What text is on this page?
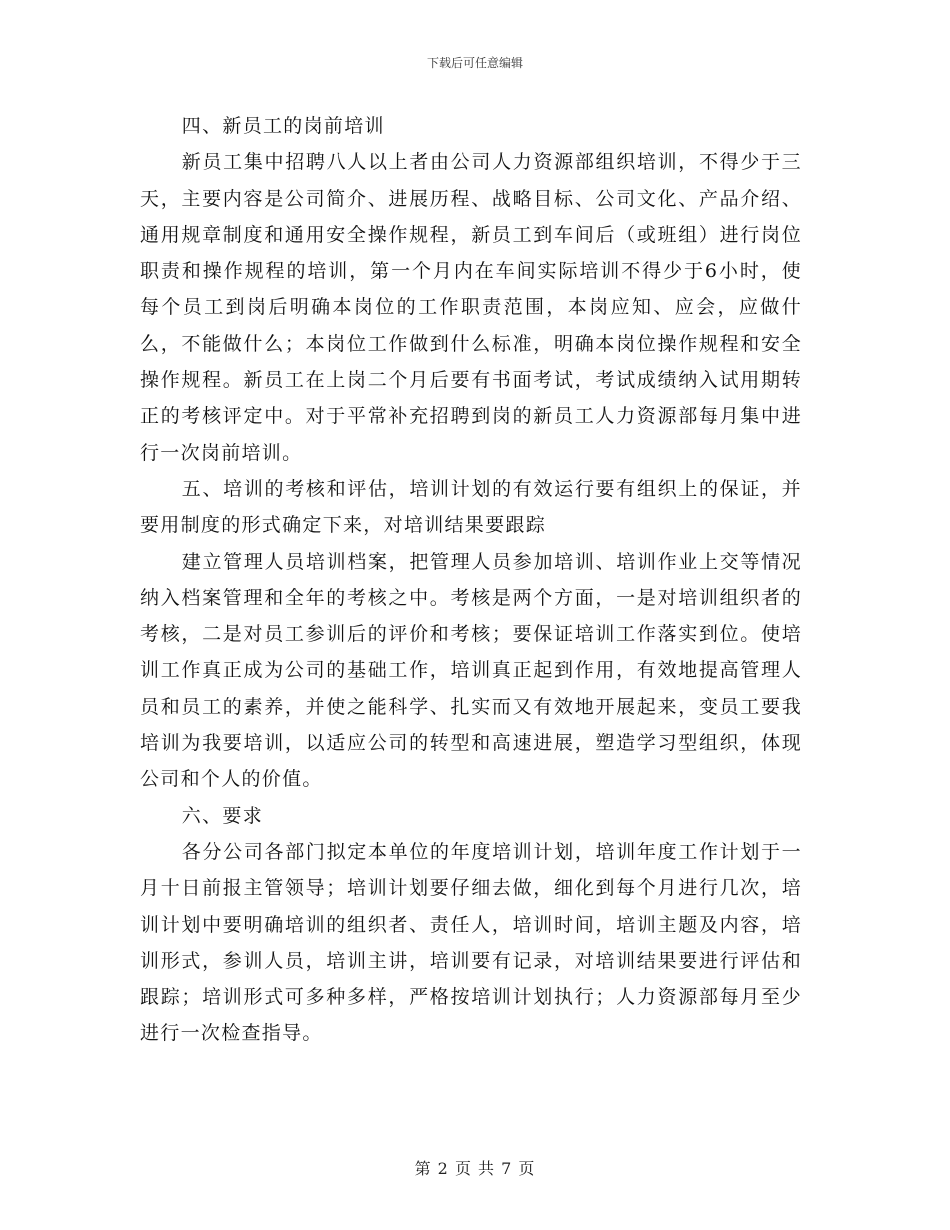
下载后可任意编辑

四、新员工的岗前培训

新员工集中招聘八人以上者由公司人力资源部组织培训，不得少于三天，主要内容是公司简介、进展历程、战略目标、公司文化、产品介绍、通用规章制度和通用安全操作规程，新员工到车间后（或班组）进行岗位职责和操作规程的培训，第一个月内在车间实际培训不得少于6小时，使每个员工到岗后明确本岗位的工作职责范围，本岗应知、应会，应做什么，不能做什么；本岗位工作做到什么标准，明确本岗位操作规程和安全操作规程。新员工在上岗二个月后要有书面考试，考试成绩纳入试用期转正的考核评定中。对于平常补充招聘到岗的新员工人力资源部每月集中进行一次岗前培训。

五、培训的考核和评估，培训计划的有效运行要有组织上的保证，并要用制度的形式确定下来，对培训结果要跟踪

建立管理人员培训档案，把管理人员参加培训、培训作业上交等情况纳入档案管理和全年的考核之中。考核是两个方面，一是对培训组织者的考核，二是对员工参训后的评价和考核；要保证培训工作落实到位。使培训工作真正成为公司的基础工作，培训真正起到作用，有效地提高管理人员和员工的素养，并使之能科学、扎实而又有效地开展起来，变员工要我培训为我要培训，以适应公司的转型和高速进展，塑造学习型组织，体现公司和个人的价值。

六、要求

各分公司各部门拟定本单位的年度培训计划，培训年度工作计划于一月十日前报主管领导；培训计划要仔细去做，细化到每个月进行几次，培训计划中要明确培训的组织者、责任人，培训时间，培训主题及内容，培训形式，参训人员，培训主讲，培训要有记录，对培训结果要进行评估和跟踪；培训形式可多种多样，严格按培训计划执行；人力资源部每月至少进行一次检查指导。

第 2 页 共 7 页
